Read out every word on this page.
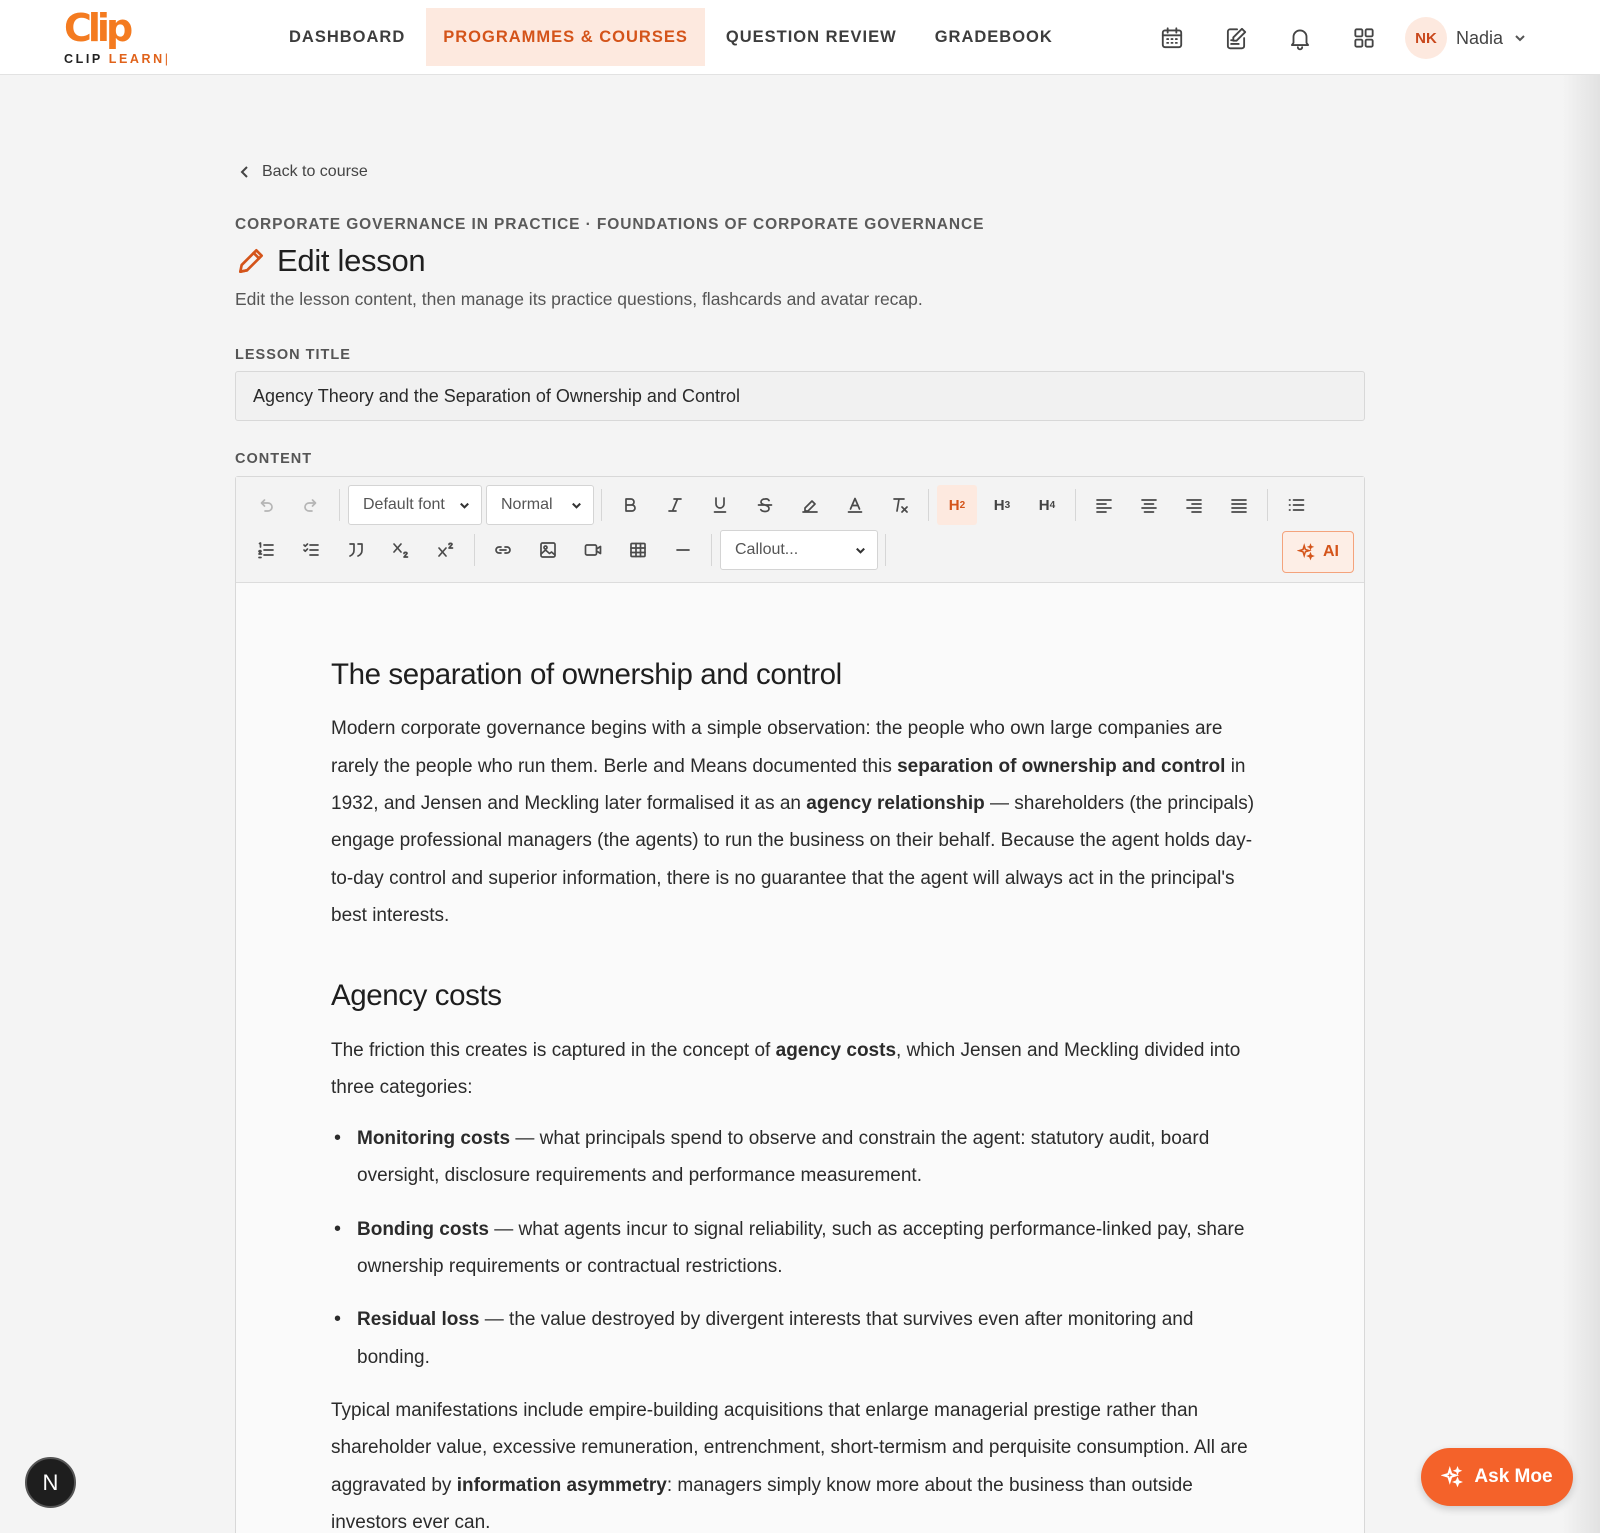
Clip
CLIP LEARN|
DASHBOARD	PROGRAMMES & COURSES	QUESTION REVIEW	GRADEBOOK	NK	Nadia
Back to course
CORPORATE GOVERNANCE IN PRACTICE · FOUNDATIONS OF CORPORATE GOVERNANCE
Edit lesson
Edit the lesson content, then manage its practice questions, flashcards and avatar recap.
LESSON TITLE
Agency Theory and the Separation of Ownership and Control
CONTENT
Default font	Normal	H 2 H 3 H 4
Callout...	AI
The separation of ownership and control

Modern corporate governance begins with a simple observation: the people who own large companies are rarely the people who run them. Berle and Means documented this separation of ownership and control in 1932, and Jensen and Meckling later formalised it as an agency relationship — shareholders (the principals) engage professional managers (the agents) to run the business on their behalf. Because the agent holds day-to-day control and superior information, there is no guarantee that the agent will always act in the principal's best interests.

Agency costs

The friction this creates is captured in the concept of agency costs, which Jensen and Meckling divided into three categories:

• Monitoring costs — what principals spend to observe and constrain the agent: statutory audit, board oversight, disclosure requirements and performance measurement.
• Bonding costs — what agents incur to signal reliability, such as accepting performance-linked pay, share ownership requirements or contractual restrictions.
• Residual loss — the value destroyed by divergent interests that survives even after monitoring and bonding.

Typical manifestations include empire-building acquisitions that enlarge managerial prestige rather than shareholder value, excessive remuneration, entrenchment, short-termism and perquisite consumption. All are aggravated by information asymmetry: managers simply know more about the business than outside investors ever can.

N	Ask Moe
